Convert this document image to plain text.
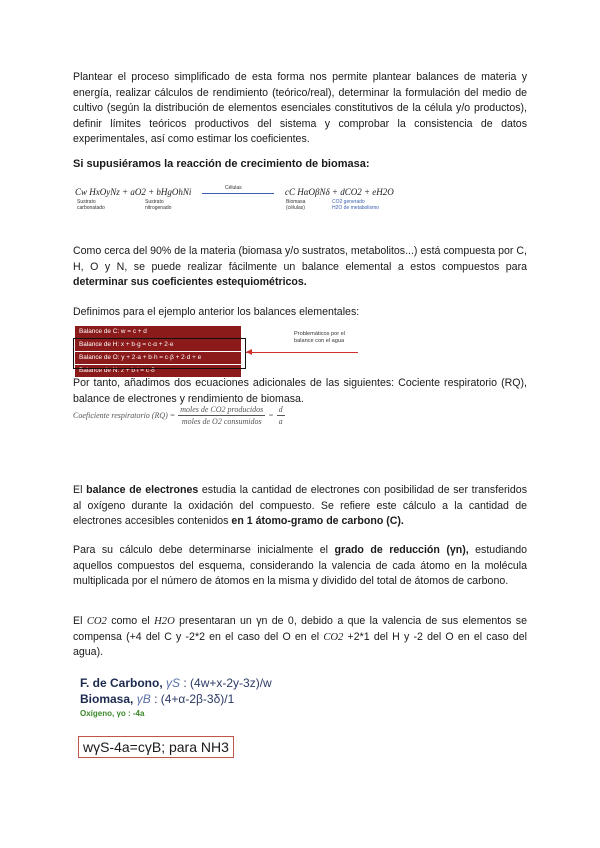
Plantear el proceso simplificado de esta forma nos permite plantear balances de materia y energía, realizar cálculos de rendimiento (teórico/real), determinar la formulación del medio de cultivo (según la distribución de elementos esenciales constitutivos de la célula y/o productos), definir límites teóricos productivos del sistema y comprobar la consistencia de datos experimentales, así como estimar los coeficientes.

Si supusiéramos la reacción de crecimiento de biomasa:

Cw HxOyNz + aO2 + bHgOhNi	Células	cC HαOβNδ + dCO2 + eH2O
Sustrato
carbonatado
Sustrato
nitrogenado
Biomasa
(células)
CO2 generado
H2O de metabolismo

Como cerca del 90% de la materia (biomasa y/o sustratos, metabolitos...) está compuesta por C, H, O y N, se puede realizar fácilmente un balance elemental a estos compuestos para determinar sus coeficientes estequiométricos.

Definimos para el ejemplo anterior los balances elementales:

Balance de C: w = c + d
Balance de H: x + b·g = c·α + 2·e
Balance de O: y + 2·a + b·h = c·β + 2·d + e
Balance de N: z + b·i = c·δ
Problemáticos por el
balance con el agua

Por tanto, añadimos dos ecuaciones adicionales de las siguientes: Cociente respiratorio (RQ), balance de electrones y rendimiento de biomasa.

Coeficiente respiratorio $(RQ) = \frac{\text{moles de CO2 producidos}}{\text{moles de O2 consumidos}} = \frac{d}{a}$

El balance de electrones estudia la cantidad de electrones con posibilidad de ser transferidos al oxígeno durante la oxidación del compuesto. Se refiere este cálculo a la cantidad de electrones accesibles contenidos en 1 átomo-gramo de carbono (C).

Para su cálculo debe determinarse inicialmente el grado de reducción (γn), estudiando aquellos compuestos del esquema, considerando la valencia de cada átomo en la molécula multiplicada por el número de átomos en la misma y dividido del total de átomos de carbono.

El CO2 como el H2O presentaran un γn de 0, debido a que la valencia de sus elementos se compensa (+4 del C y -2*2 en el caso del O en el CO2 +2*1 del H y -2 del O en el caso del agua).

F. de Carbono, γS : (4w+x-2y-3z)/w

Biomasa, γB : (4+α-2β-3δ)/1

Oxígeno, γo : -4a

wγS-4a=cγB; para NH3
